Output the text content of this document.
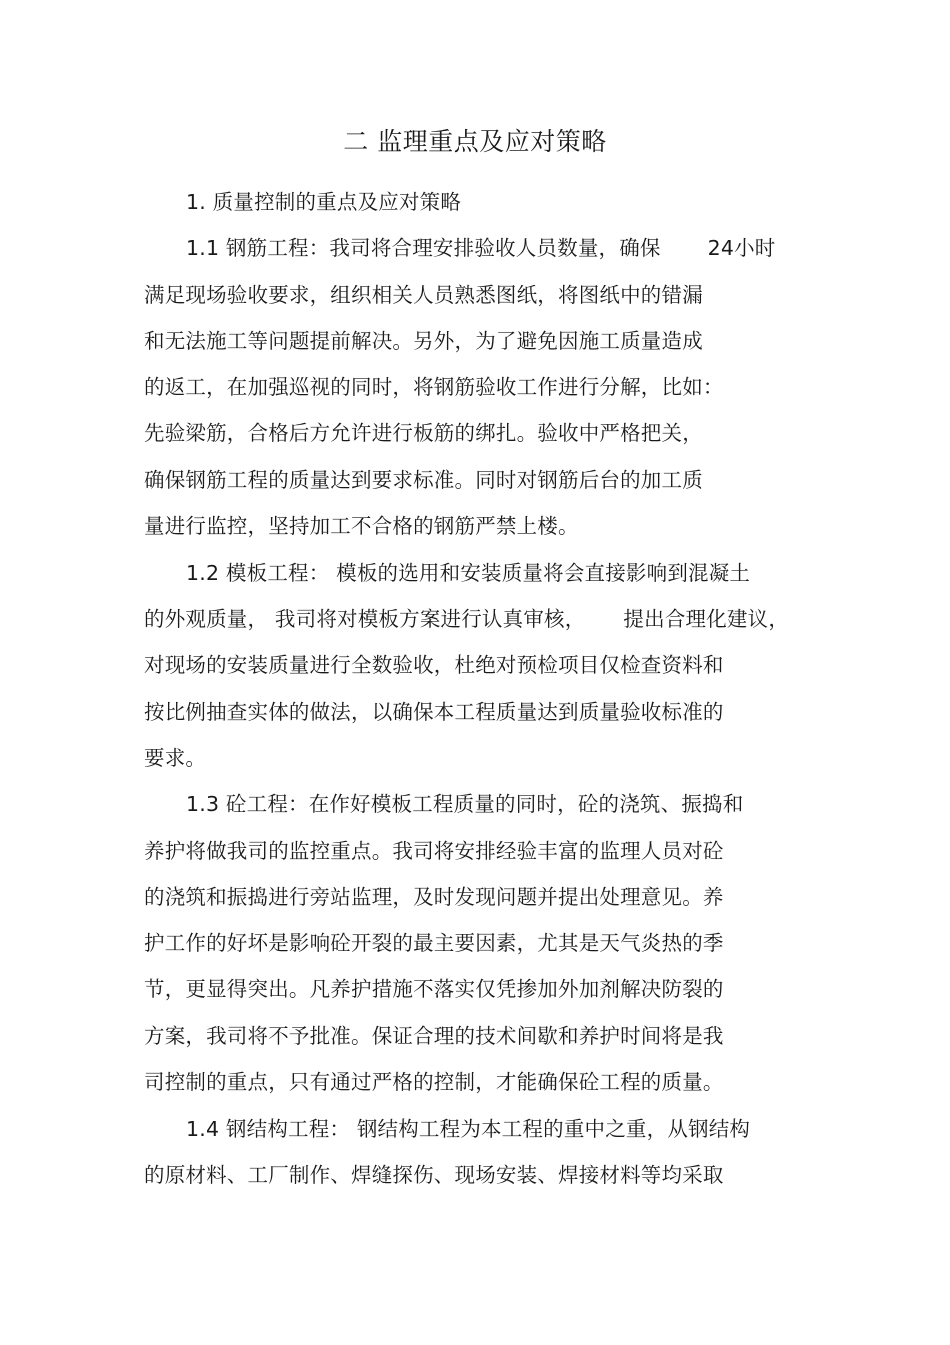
二 监理重点及应对策略
1. 质量控制的重点及应对策略
1.1 钢筋工程：我司将合理安排验收人员数量，确保 24小时
满足现场验收要求，组织相关人员熟悉图纸，将图纸中的错漏
和无法施工等问题提前解决。另外，为了避免因施工质量造成
的返工，在加强巡视的同时，将钢筋验收工作进行分解，比如：
先验梁筋，合格后方允许进行板筋的绑扎。验收中严格把关，
确保钢筋工程的质量达到要求标准。同时对钢筋后台的加工质
量进行监控，坚持加工不合格的钢筋严禁上楼。
1.2 模板工程： 模板的选用和安装质量将会直接影响到混凝土
的外观质量， 我司将对模板方案进行认真审核， 提出合理化建议，
对现场的安装质量进行全数验收，杜绝对预检项目仅检查资料和
按比例抽查实体的做法，以确保本工程质量达到质量验收标准的
要求。
1.3 砼工程：在作好模板工程质量的同时，砼的浇筑、振捣和
养护将做我司的监控重点。我司将安排经验丰富的监理人员对砼
的浇筑和振捣进行旁站监理，及时发现问题并提出处理意见。养
护工作的好坏是影响砼开裂的最主要因素，尤其是天气炎热的季
节，更显得突出。凡养护措施不落实仅凭掺加外加剂解决防裂的
方案，我司将不予批准。保证合理的技术间歇和养护时间将是我
司控制的重点，只有通过严格的控制，才能确保砼工程的质量。
1.4 钢结构工程： 钢结构工程为本工程的重中之重，从钢结构
的原材料、工厂制作、焊缝探伤、现场安装、焊接材料等均采取
